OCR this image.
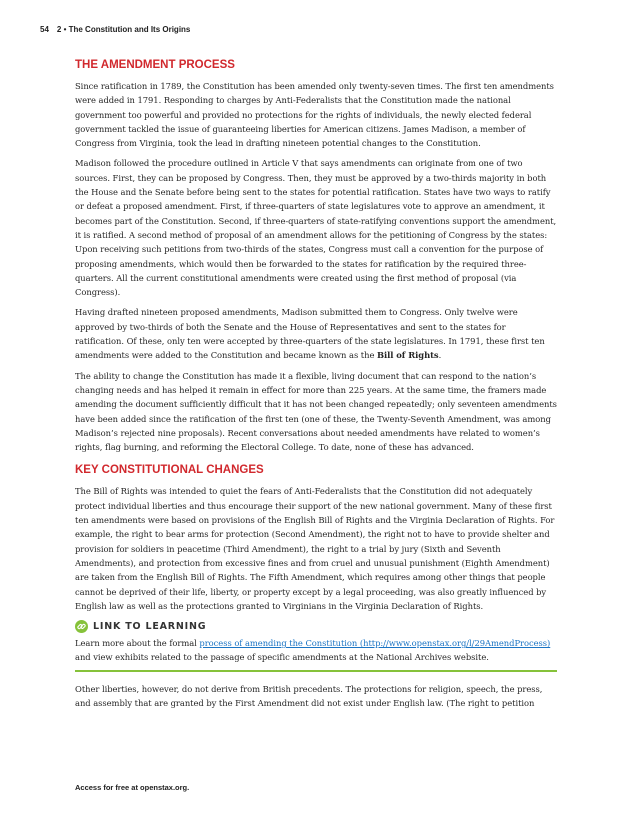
54 2 • The Constitution and Its Origins
THE AMENDMENT PROCESS

Since ratification in 1789, the Constitution has been amended only twenty-seven times. The first ten amendments were added in 1791. Responding to charges by Anti-Federalists that the Constitution made the national government too powerful and provided no protections for the rights of individuals, the newly elected federal government tackled the issue of guaranteeing liberties for American citizens. James Madison, a member of Congress from Virginia, took the lead in drafting nineteen potential changes to the Constitution.

Madison followed the procedure outlined in Article V that says amendments can originate from one of two sources. First, they can be proposed by Congress. Then, they must be approved by a two-thirds majority in both the House and the Senate before being sent to the states for potential ratification. States have two ways to ratify or defeat a proposed amendment. First, if three-quarters of state legislatures vote to approve an amendment, it becomes part of the Constitution. Second, if three-quarters of state-ratifying conventions support the amendment, it is ratified. A second method of proposal of an amendment allows for the petitioning of Congress by the states: Upon receiving such petitions from two-thirds of the states, Congress must call a convention for the purpose of proposing amendments, which would then be forwarded to the states for ratification by the required three-quarters. All the current constitutional amendments were created using the first method of proposal (via Congress).

Having drafted nineteen proposed amendments, Madison submitted them to Congress. Only twelve were approved by two-thirds of both the Senate and the House of Representatives and sent to the states for ratification. Of these, only ten were accepted by three-quarters of the state legislatures. In 1791, these first ten amendments were added to the Constitution and became known as the Bill of Rights.

The ability to change the Constitution has made it a flexible, living document that can respond to the nation’s changing needs and has helped it remain in effect for more than 225 years. At the same time, the framers made amending the document sufficiently difficult that it has not been changed repeatedly; only seventeen amendments have been added since the ratification of the first ten (one of these, the Twenty-Seventh Amendment, was among Madison’s rejected nine proposals). Recent conversations about needed amendments have related to women’s rights, flag burning, and reforming the Electoral College. To date, none of these has advanced.

KEY CONSTITUTIONAL CHANGES

The Bill of Rights was intended to quiet the fears of Anti-Federalists that the Constitution did not adequately protect individual liberties and thus encourage their support of the new national government. Many of these first ten amendments were based on provisions of the English Bill of Rights and the Virginia Declaration of Rights. For example, the right to bear arms for protection (Second Amendment), the right not to have to provide shelter and provision for soldiers in peacetime (Third Amendment), the right to a trial by jury (Sixth and Seventh Amendments), and protection from excessive fines and from cruel and unusual punishment (Eighth Amendment) are taken from the English Bill of Rights. The Fifth Amendment, which requires among other things that people cannot be deprived of their life, liberty, or property except by a legal proceeding, was also greatly influenced by English law as well as the protections granted to Virginians in the Virginia Declaration of Rights.

LINK TO LEARNING

Learn more about the formal process of amending the Constitution (http://www.openstax.org/l/29AmendProcess) and view exhibits related to the passage of specific amendments at the National Archives website.

Other liberties, however, do not derive from British precedents. The protections for religion, speech, the press, and assembly that are granted by the First Amendment did not exist under English law. (The right to petition

Access for free at openstax.org.
